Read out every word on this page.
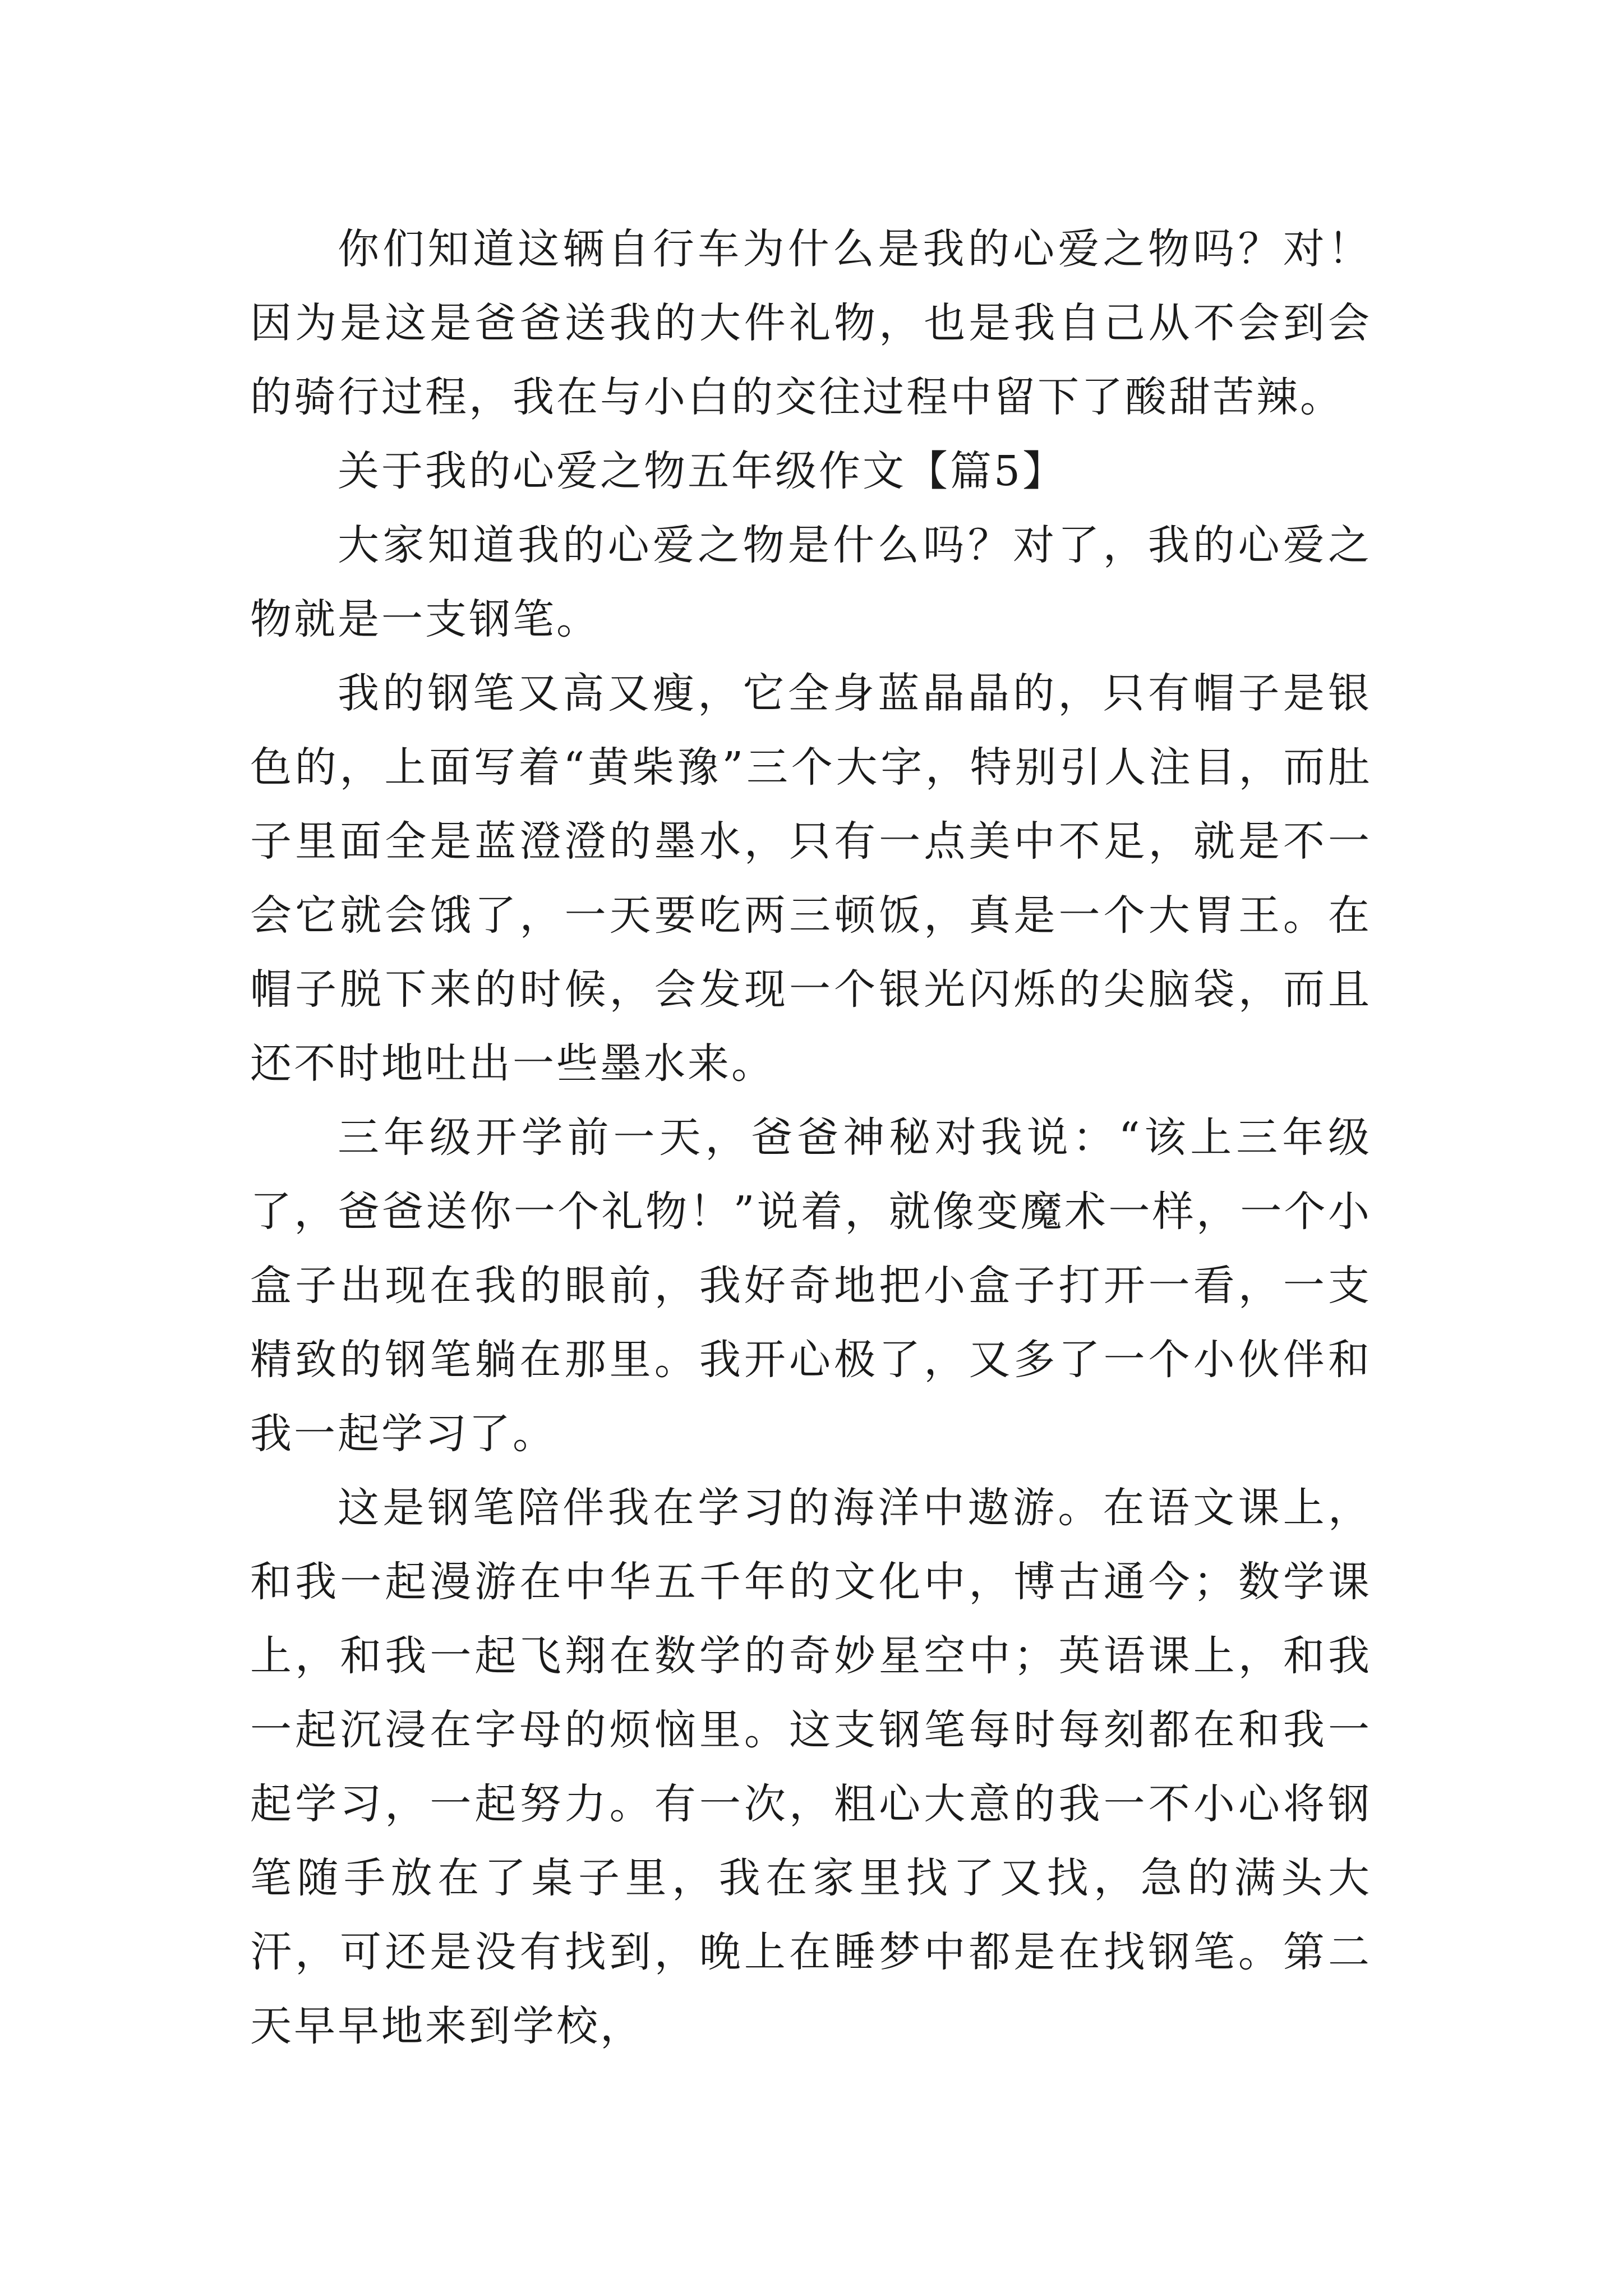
你们知道这辆自行车为什么是我的心爱之物吗？对！因为是这是爸爸送我的大件礼物，也是我自己从不会到会的骑行过程，我在与小白的交往过程中留下了酸甜苦辣。

关于我的心爱之物五年级作文【篇5】

大家知道我的心爱之物是什么吗？对了，我的心爱之物就是一支钢笔。

我的钢笔又高又瘦，它全身蓝晶晶的，只有帽子是银色的，上面写着“黄柴豫”三个大字，特别引人注目，而肚子里面全是蓝澄澄的墨水，只有一点美中不足，就是不一会它就会饿了，一天要吃两三顿饭，真是一个大胃王。在帽子脱下来的时候，会发现一个银光闪烁的尖脑袋，而且还不时地吐出一些墨水来。

三年级开学前一天，爸爸神秘对我说：“该上三年级了，爸爸送你一个礼物！”说着，就像变魔术一样，一个小盒子出现在我的眼前，我好奇地把小盒子打开一看，一支精致的钢笔躺在那里。我开心极了，又多了一个小伙伴和我一起学习了。

这是钢笔陪伴我在学习的海洋中遨游。在语文课上，和我一起漫游在中华五千年的文化中，博古通今；数学课上，和我一起飞翔在数学的奇妙星空中；英语课上，和我一起沉浸在字母的烦恼里。这支钢笔每时每刻都在和我一起学习，一起努力。有一次，粗心大意的我一不小心将钢笔随手放在了桌子里，我在家里找了又找，急的满头大汗，可还是没有找到，晚上在睡梦中都是在找钢笔。第二天早早地来到学校，
